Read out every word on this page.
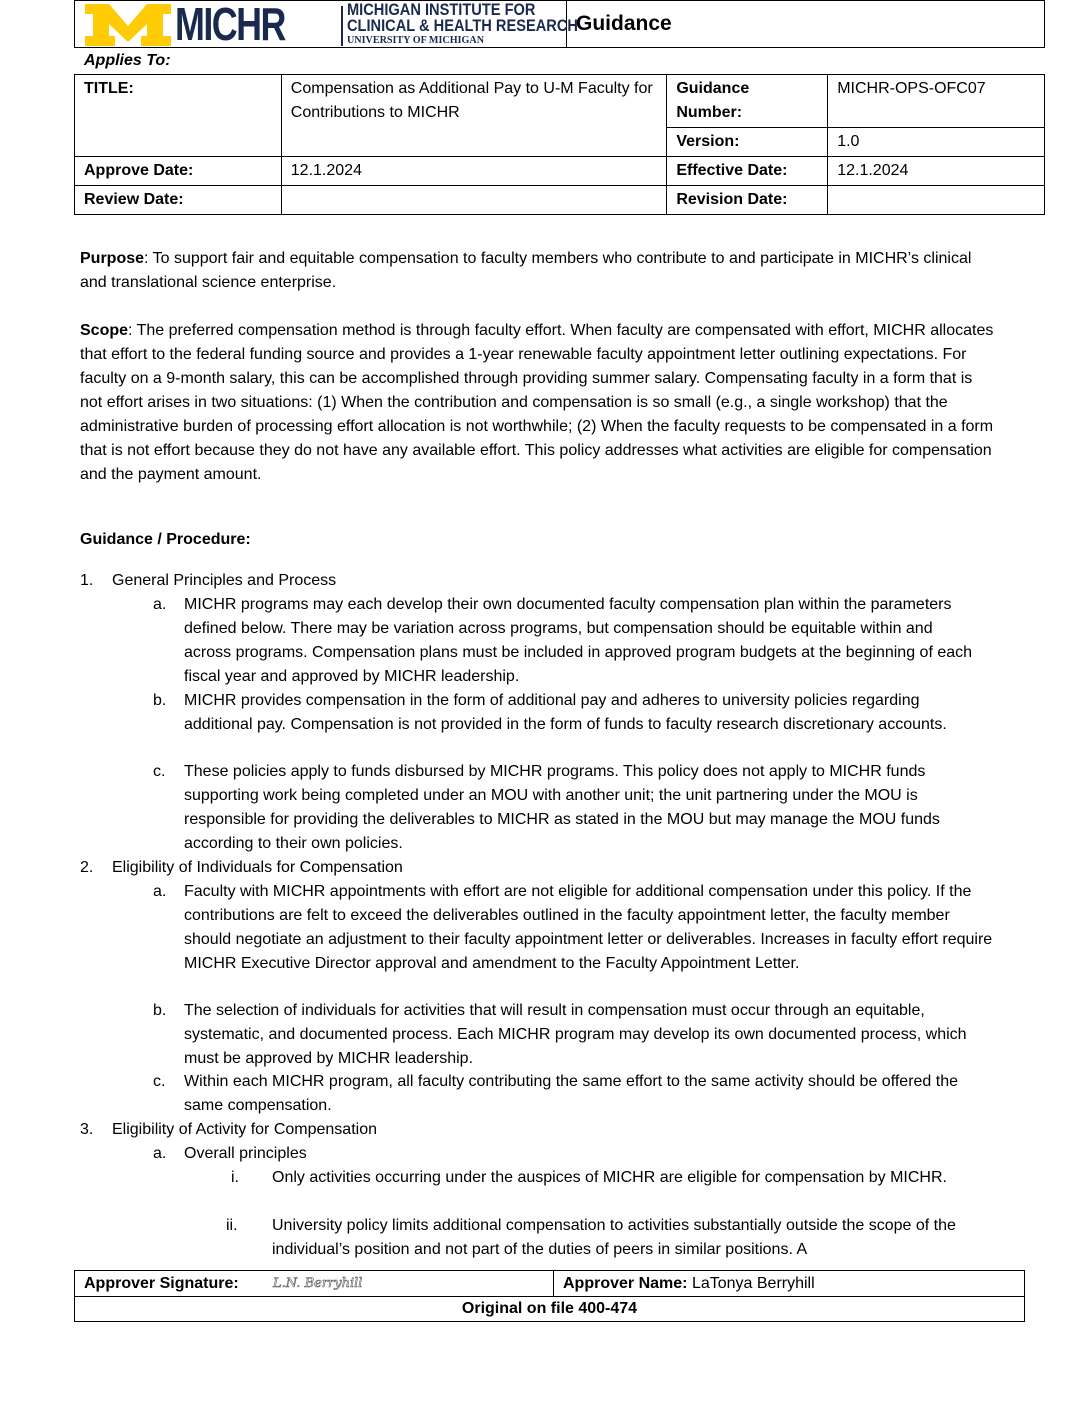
MICHR	MICHIGAN INSTITUTE FOR
CLINICAL & HEALTH RESEARCH
UNIVERSITY OF MICHIGAN
Guidance
Applies To:
TITLE:	Compensation as Additional Pay to U-M Faculty for Contributions to MICHR	Guidance Number:	MICHR-OPS-OFC07
		Version:	1.0
Approve Date:	12.1.2024	Effective Date:	12.1.2024
Review Date:		Revision Date:	

Purpose: To support fair and equitable compensation to faculty members who contribute to and participate in MICHR’s clinical and translational science enterprise.

Scope: The preferred compensation method is through faculty effort. When faculty are compensated with effort, MICHR allocates that effort to the federal funding source and provides a 1-year renewable faculty appointment letter outlining expectations. For faculty on a 9-month salary, this can be accomplished through providing summer salary. Compensating faculty in a form that is not effort arises in two situations: (1) When the contribution and compensation is so small (e.g., a single workshop) that the administrative burden of processing effort allocation is not worthwhile; (2) When the faculty requests to be compensated in a form that is not effort because they do not have any available effort. This policy addresses what activities are eligible for compensation and the payment amount.

Guidance / Procedure:
1. General Principles and Process
a. MICHR programs may each develop their own documented faculty compensation plan within the parameters defined below. There may be variation across programs, but compensation should be equitable within and across programs. Compensation plans must be included in approved program budgets at the beginning of each fiscal year and approved by MICHR leadership.
b. MICHR provides compensation in the form of additional pay and adheres to university policies regarding additional pay. Compensation is not provided in the form of funds to faculty research discretionary accounts.
c. These policies apply to funds disbursed by MICHR programs. This policy does not apply to MICHR funds supporting work being completed under an MOU with another unit; the unit partnering under the MOU is responsible for providing the deliverables to MICHR as stated in the MOU but may manage the MOU funds according to their own policies.
2. Eligibility of Individuals for Compensation
a. Faculty with MICHR appointments with effort are not eligible for additional compensation under this policy. If the contributions are felt to exceed the deliverables outlined in the faculty appointment letter, the faculty member should negotiate an adjustment to their faculty appointment letter or deliverables. Increases in faculty effort require MICHR Executive Director approval and amendment to the Faculty Appointment Letter.
b. The selection of individuals for activities that will result in compensation must occur through an equitable, systematic, and documented process. Each MICHR program may develop its own documented process, which must be approved by MICHR leadership.
c. Within each MICHR program, all faculty contributing the same effort to the same activity should be offered the same compensation.
3. Eligibility of Activity for Compensation
a. Overall principles
i. Only activities occurring under the auspices of MICHR are eligible for compensation by MICHR.
ii. University policy limits additional compensation to activities substantially outside the scope of the individual’s position and not part of the duties of peers in similar positions. A
Approver Signature:	L.N. Berryhill	Approver Name: LaTonya Berryhill
Original on file 400-474
